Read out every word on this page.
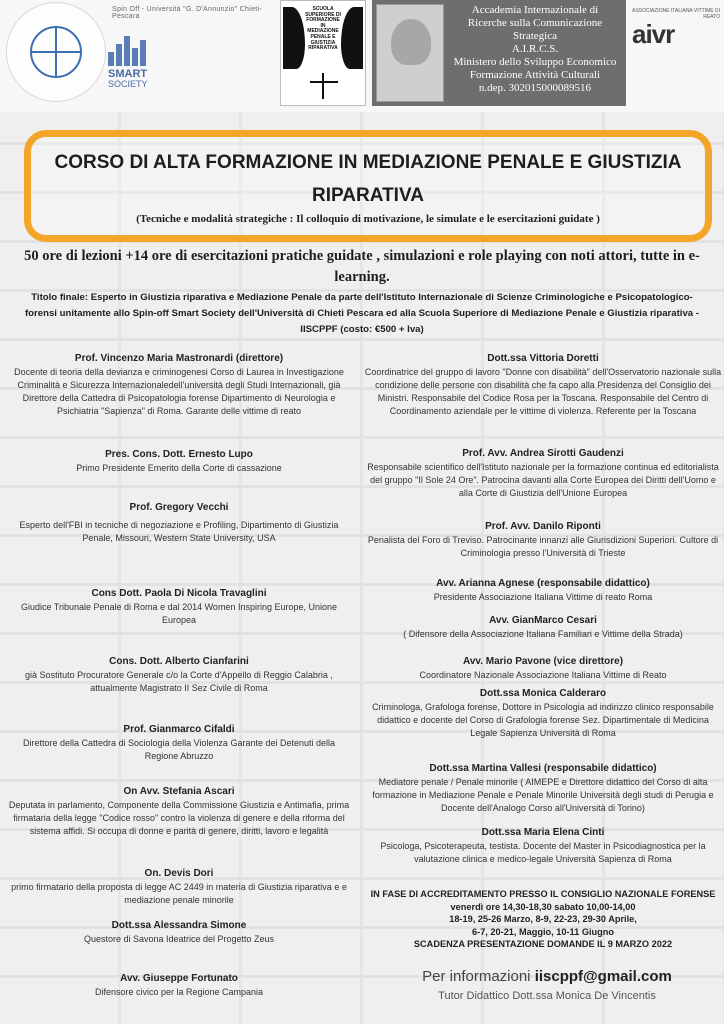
Spin Off - Università "G. D'Annunzio" Chieti-Pescara
SMART
SOCIETY
SCUOLA SUPERIORE DI FORMAZIONE IN MEDIAZIONE PENALE E GIUSTIZIA RIPARATIVA
Accademia Internazionale di
Ricerche sulla Comunicazione
Strategica
A.I.R.C.S.
Ministero dello Sviluppo Economico
Formazione Attività Culturali
n.dep. 302015000089516
ASSOCIAZIONE ITALIANA VITTIME DI REATO
aivr
CORSO DI ALTA FORMAZIONE IN MEDIAZIONE PENALE E GIUSTIZIA RIPARATIVA
(Tecniche e modalità strategiche : Il colloquio di motivazione, le simulate e le esercitazioni guidate )
50 ore di lezioni +14 ore di esercitazioni pratiche guidate , simulazioni e role playing con noti attori, tutte in e-learning.
Titolo finale: Esperto in Giustizia riparativa e Mediazione Penale da parte dell'Istituto Internazionale di Scienze Criminologiche e Psicopatologico-forensi unitamente allo Spin-off Smart Society dell'Università di Chieti Pescara ed alla Scuola Superiore di Mediazione Penale e Giustizia riparativa - IISCPPF (costo: €500 + Iva)
Prof. Vincenzo Maria Mastronardi (direttore)
Docente di teoria della devianza e criminogenesi Corso di Laurea in Investigazione Criminalità e Sicurezza Internazionaledell'università degli Studi Internazionali, già Direttore della Cattedra di Psicopatologia forense Dipartimento di Neurologia e Psichiatria "Sapienza" di Roma. Garante delle vittime di reato
Pres. Cons. Dott. Ernesto Lupo
Primo Presidente Emerito della Corte di cassazione
Prof. Gregory Vecchi
Esperto dell'FBI in tecniche di negoziazione e Profiling, Dipartimento di Giustizia Penale, Missouri, Western State University, USA
Cons Dott. Paola Di Nicola Travaglini
Giudice Tribunale Penale di Roma e dal 2014 Women Inspiring Europe, Unione Europea
Cons. Dott. Alberto Cianfarini
già Sostituto Procuratore Generale c/o la Corte d'Appello di Reggio Calabria , attualmente Magistrato II Sez Civile di Roma
Prof. Gianmarco Cifaldi
Direttore della Cattedra di Sociologia della Violenza Garante dei Detenuti della Regione Abruzzo
On Avv. Stefania Ascari
Deputata in parlamento, Componente della Commissione Giustizia e Antimafia, prima firmataria della legge "Codice rosso" contro la violenza di genere e della riforma del sistema affidi. Si occupa di donne e parità di genere, diritti, lavoro e legalità
On. Devis Dori
primo firmatario della proposta di legge AC 2449 in materia di Giustizia riparativa e e mediazione penale minorile
Dott.ssa Alessandra Simone
Questore di Savona Ideatrice del Progetto Zeus
Avv. Giuseppe Fortunato
Difensore civico per la Regione Campania
Dott.ssa Vittoria Doretti
Coordinatrice del gruppo di lavoro "Donne con disabilità" dell'Osservatorio nazionale sulla condizione delle persone con disabilità che fa capo alla Presidenza del Consiglio dei Ministri. Responsabile del Codice Rosa per la Toscana. Responsabile del Centro di Coordinamento aziendale per le vittime di violenza. Referente per la Toscana
Prof. Avv. Andrea Sirotti Gaudenzi
Responsabile scientifico dell'Istituto nazionale per la formazione continua ed editorialista del gruppo "Il Sole 24 Ore". Patrocina davanti alla Corte Europea dei Diritti dell'Uomo e alla Corte di Giustizia dell'Unione Europea
Prof. Avv. Danilo Riponti
Penalista del Foro di Treviso. Patrocinante innanzi alle Giurisdizioni Superiori. Cultore di Criminologia presso l'Università di Trieste
Avv. Arianna Agnese (responsabile didattico)
Presidente Associazione Italiana Vittime di reato Roma
Avv. GianMarco Cesari
( Difensore della Associazione Italiana Familiari e Vittime della Strada)
Avv. Mario Pavone (vice direttore)
Coordinatore Nazionale Associazione Italiana Vittime di Reato
Dott.ssa Monica Calderaro
Criminologa, Grafologa forense, Dottore in Psicologia ad indirizzo clinico responsabile didattico e docente del Corso di Grafologia forense Sez. Dipartimentale di Medicina Legale Sapienza Università di Roma
Dott.ssa Martina Vallesi (responsabile didattico)
Mediatore penale / Penale minorile ( AIMEPE e Direttore didattico del Corso di alta formazione in Mediazione Penale e Penale Minorile Università degli studi di Perugia e Docente dell'Analogo Corso all'Università di Torino)
Dott.ssa Maria Elena Cinti
Psicologa, Psicoterapeuta, testista. Docente del Master in Psicodiagnostica per la valutazione clinica e medico-legale Università Sapienza di Roma
IN FASE DI ACCREDITAMENTO PRESSO IL CONSIGLIO NAZIONALE FORENSE
venerdì ore 14,30-18,30 sabato 10,00-14,00
18-19, 25-26 Marzo, 8-9, 22-23, 29-30 Aprile,
6-7, 20-21, Maggio, 10-11 Giugno
SCADENZA PRESENTAZIONE DOMANDE IL 9 MARZO 2022
Per informazioni iiscppf@gmail.com
Tutor Didattico Dott.ssa Monica De Vincentis
